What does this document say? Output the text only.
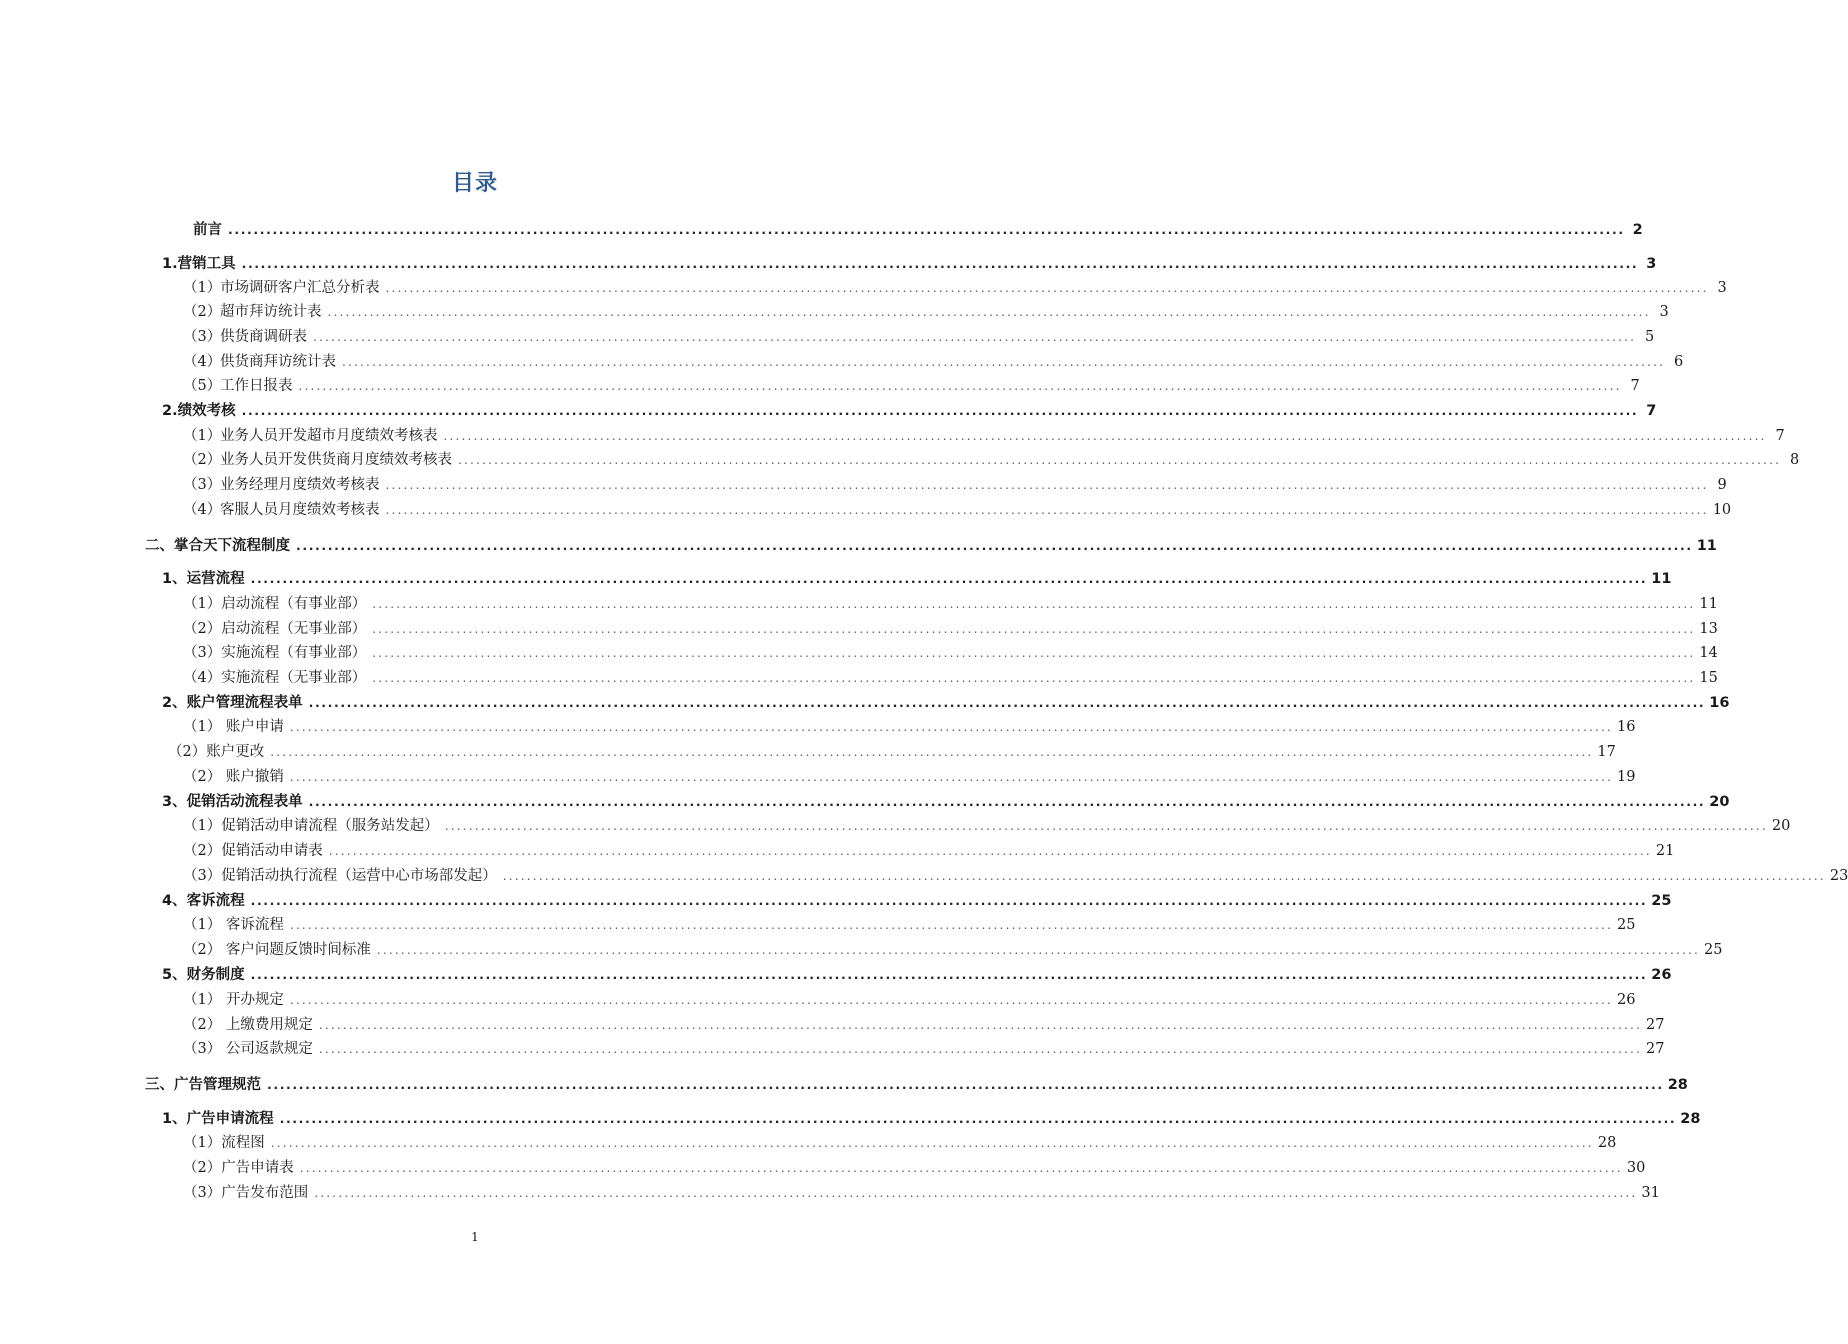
目录
前言 ............................................................................................................................................................................................................................ 2
1. 营销工具 ............................................................................................................................................................................................................................ 3
（1）
市场调研客户汇总分析表 ............................................................................................................................................................................................................................ 3
（2）
超市拜访统计表 ............................................................................................................................................................................................................................ 3
（3）
供货商调研表 ............................................................................................................................................................................................................................ 5
（4）
供货商拜访统计表 ............................................................................................................................................................................................................................ 6
（5）
工作日报表 ............................................................................................................................................................................................................................ 7
2. 绩效考核 ............................................................................................................................................................................................................................ 7
（1）
业务人员开发超市月度绩效考核表 ............................................................................................................................................................................................................................ 7
（2）
业务人员开发供货商月度绩效考核表 ............................................................................................................................................................................................................................ 8
（3）
业务经理月度绩效考核表 ............................................................................................................................................................................................................................ 9
（4）
客服人员月度绩效考核表 ............................................................................................................................................................................................................................ 10
二、掌合天下流程制度 ............................................................................................................................................................................................................................ 11
1、运营流程 ............................................................................................................................................................................................................................ 11
（1）启动流程（有事业部） ............................................................................................................................................................................................................................ 11
（2）启动流程（无事业部） ............................................................................................................................................................................................................................ 13
（3）实施流程（有事业部） ............................................................................................................................................................................................................................ 14
（4）实施流程（无事业部） ............................................................................................................................................................................................................................ 15
2、账户管理流程表单 ............................................................................................................................................................................................................................ 16
（1） 账户申请 ............................................................................................................................................................................................................................ 16
（2）账户更改 ............................................................................................................................................................................................................................ 17
（2） 账户撤销 ............................................................................................................................................................................................................................ 19
3、促销活动流程表单 ............................................................................................................................................................................................................................ 20
（1）促销活动申请流程（服务站发起） ............................................................................................................................................................................................................................ 20
（2）促销活动申请表 ............................................................................................................................................................................................................................ 21
（3）促销活动执行流程（运营中心市场部发起） ............................................................................................................................................................................................................................ 23
4、客诉流程 ............................................................................................................................................................................................................................ 25
（1） 客诉流程 ............................................................................................................................................................................................................................ 25
（2） 客户问题反馈时间标准 ............................................................................................................................................................................................................................ 25
5、财务制度 ............................................................................................................................................................................................................................ 26
（1） 开办规定 ............................................................................................................................................................................................................................ 26
（2） 上缴费用规定 ............................................................................................................................................................................................................................ 27
（3） 公司返款规定 ............................................................................................................................................................................................................................ 27
三、广告管理规范 ............................................................................................................................................................................................................................ 28
1、广告申请流程 ............................................................................................................................................................................................................................ 28
（1）流程图 ............................................................................................................................................................................................................................ 28
（2）广告申请表 ............................................................................................................................................................................................................................ 30
（3）广告发布范围 ............................................................................................................................................................................................................................ 31
1
